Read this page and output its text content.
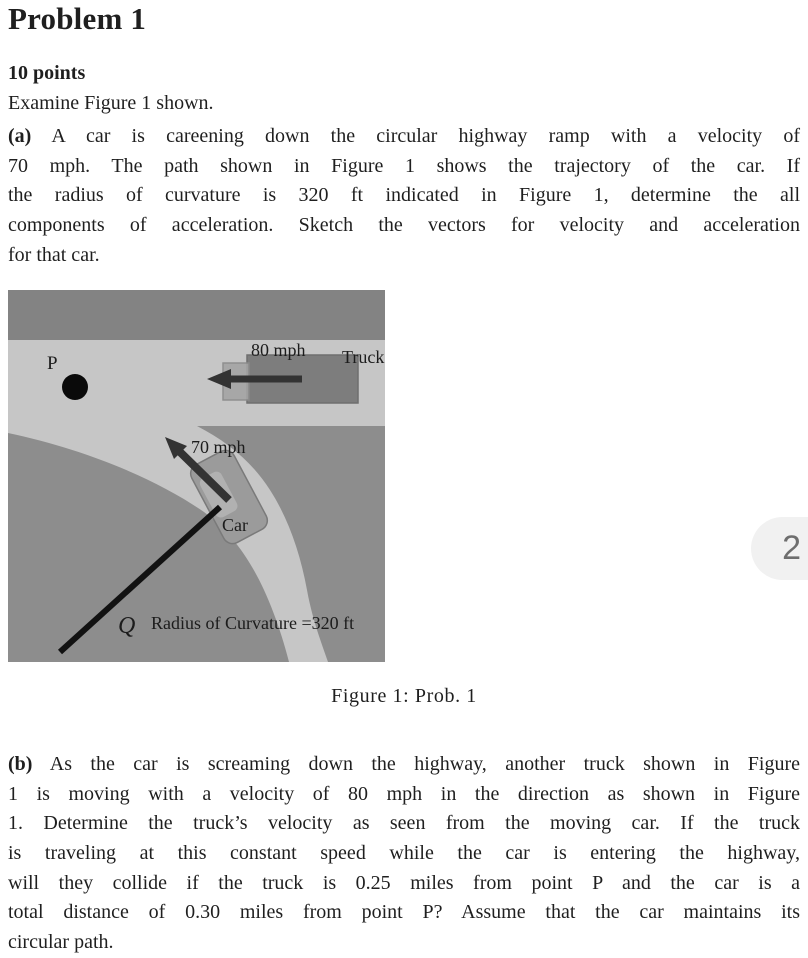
Problem 1
10 points
Examine Figure 1 shown.
(a) A car is careening down the circular highway ramp with a velocity of
70 mph. The path shown in Figure 1 shows the trajectory of the car. If
the radius of curvature is 320 ft indicated in Figure 1, determine the all
components of acceleration. Sketch the vectors for velocity and acceleration
for that car.
80 mph Truck
P
70 mph
Car
Q Radius of Curvature =320 ft
Figure 1: Prob. 1
(b) As the car is screaming down the highway, another truck shown in Figure
1 is moving with a velocity of 80 mph in the direction as shown in Figure
1. Determine the truck’s velocity as seen from the moving car. If the truck
is traveling at this constant speed while the car is entering the highway,
will they collide if the truck is 0.25 miles from point P and the car is a
total distance of 0.30 miles from point P? Assume that the car maintains its
circular path.
2
